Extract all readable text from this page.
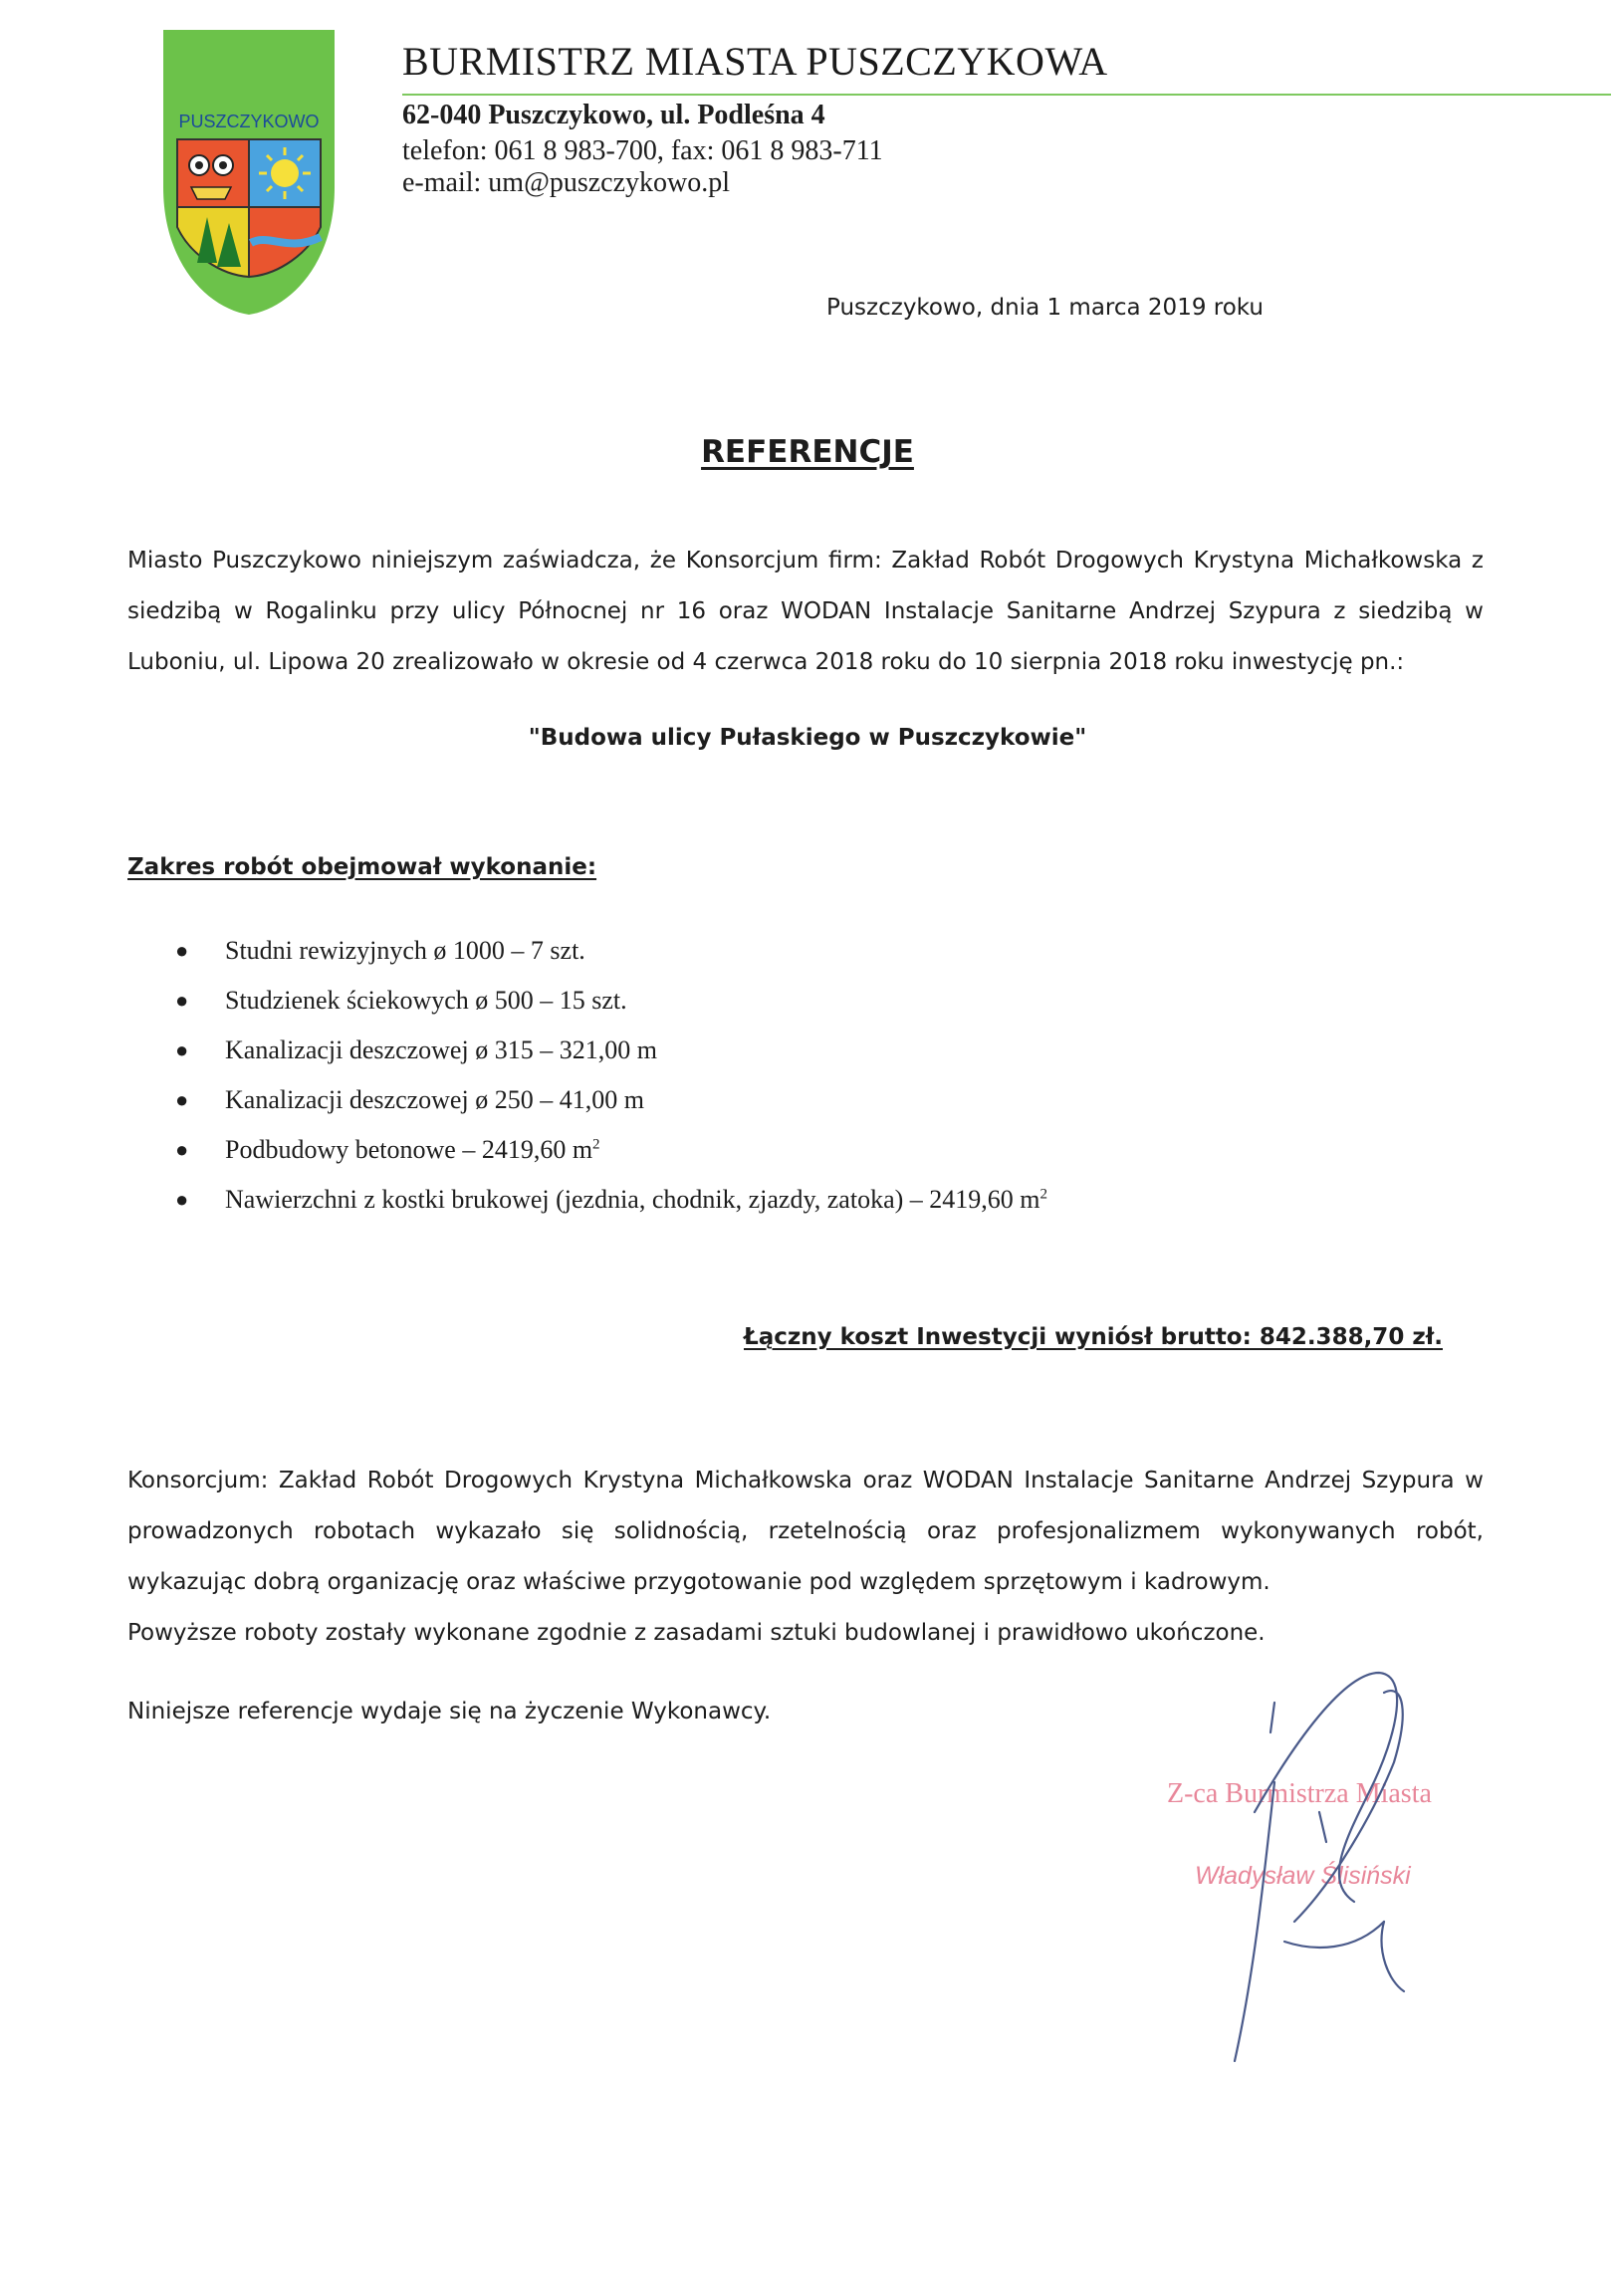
PUSZCZYKOWO
BURMISTRZ MIASTA PUSZCZYKOWA
62-040 Puszczykowo, ul. Podleśna 4
telefon: 061 8 983-700, fax: 061 8 983-711
e-mail: um@puszczykowo.pl
Puszczykowo, dnia 1 marca 2019 roku
REFERENCJE
Miasto Puszczykowo niniejszym zaświadcza, że Konsorcjum firm: Zakład Robót Drogowych Krystyna Michałkowska z siedzibą w Rogalinku przy ulicy Północnej nr 16 oraz WODAN Instalacje Sanitarne Andrzej Szypura z siedzibą w Luboniu, ul. Lipowa 20 zrealizowało w okresie od 4 czerwca 2018 roku do 10 sierpnia 2018 roku inwestycję pn.:
"Budowa ulicy Pułaskiego w Puszczykowie"
Zakres robót obejmował wykonanie:
● Studni rewizyjnych ø 1000 – 7 szt.
● Studzienek ściekowych ø 500 – 15 szt.
● Kanalizacji deszczowej ø 315 – 321,00 m
● Kanalizacji deszczowej ø 250 – 41,00 m
● Podbudowy betonowe – 2419,60 $m^2$
● Nawierzchni z kostki brukowej (jezdnia, chodnik, zjazdy, zatoka) – 2419,60 $m^2$
Łączny koszt Inwestycji wyniósł brutto: 842.388,70 zł.
Konsorcjum: Zakład Robót Drogowych Krystyna Michałkowska oraz WODAN Instalacje Sanitarne Andrzej Szypura w prowadzonych robotach wykazało się solidnością, rzetelnością oraz profesjonalizmem wykonywanych robót, wykazując dobrą organizację oraz właściwe przygotowanie pod względem sprzętowym i kadrowym.
Powyższe roboty zostały wykonane zgodnie z zasadami sztuki budowlanej i prawidłowo ukończone.
Niniejsze referencje wydaje się na życzenie Wykonawcy.
Z-ca Burmistrza Miasta
Władysław Ślisiński
